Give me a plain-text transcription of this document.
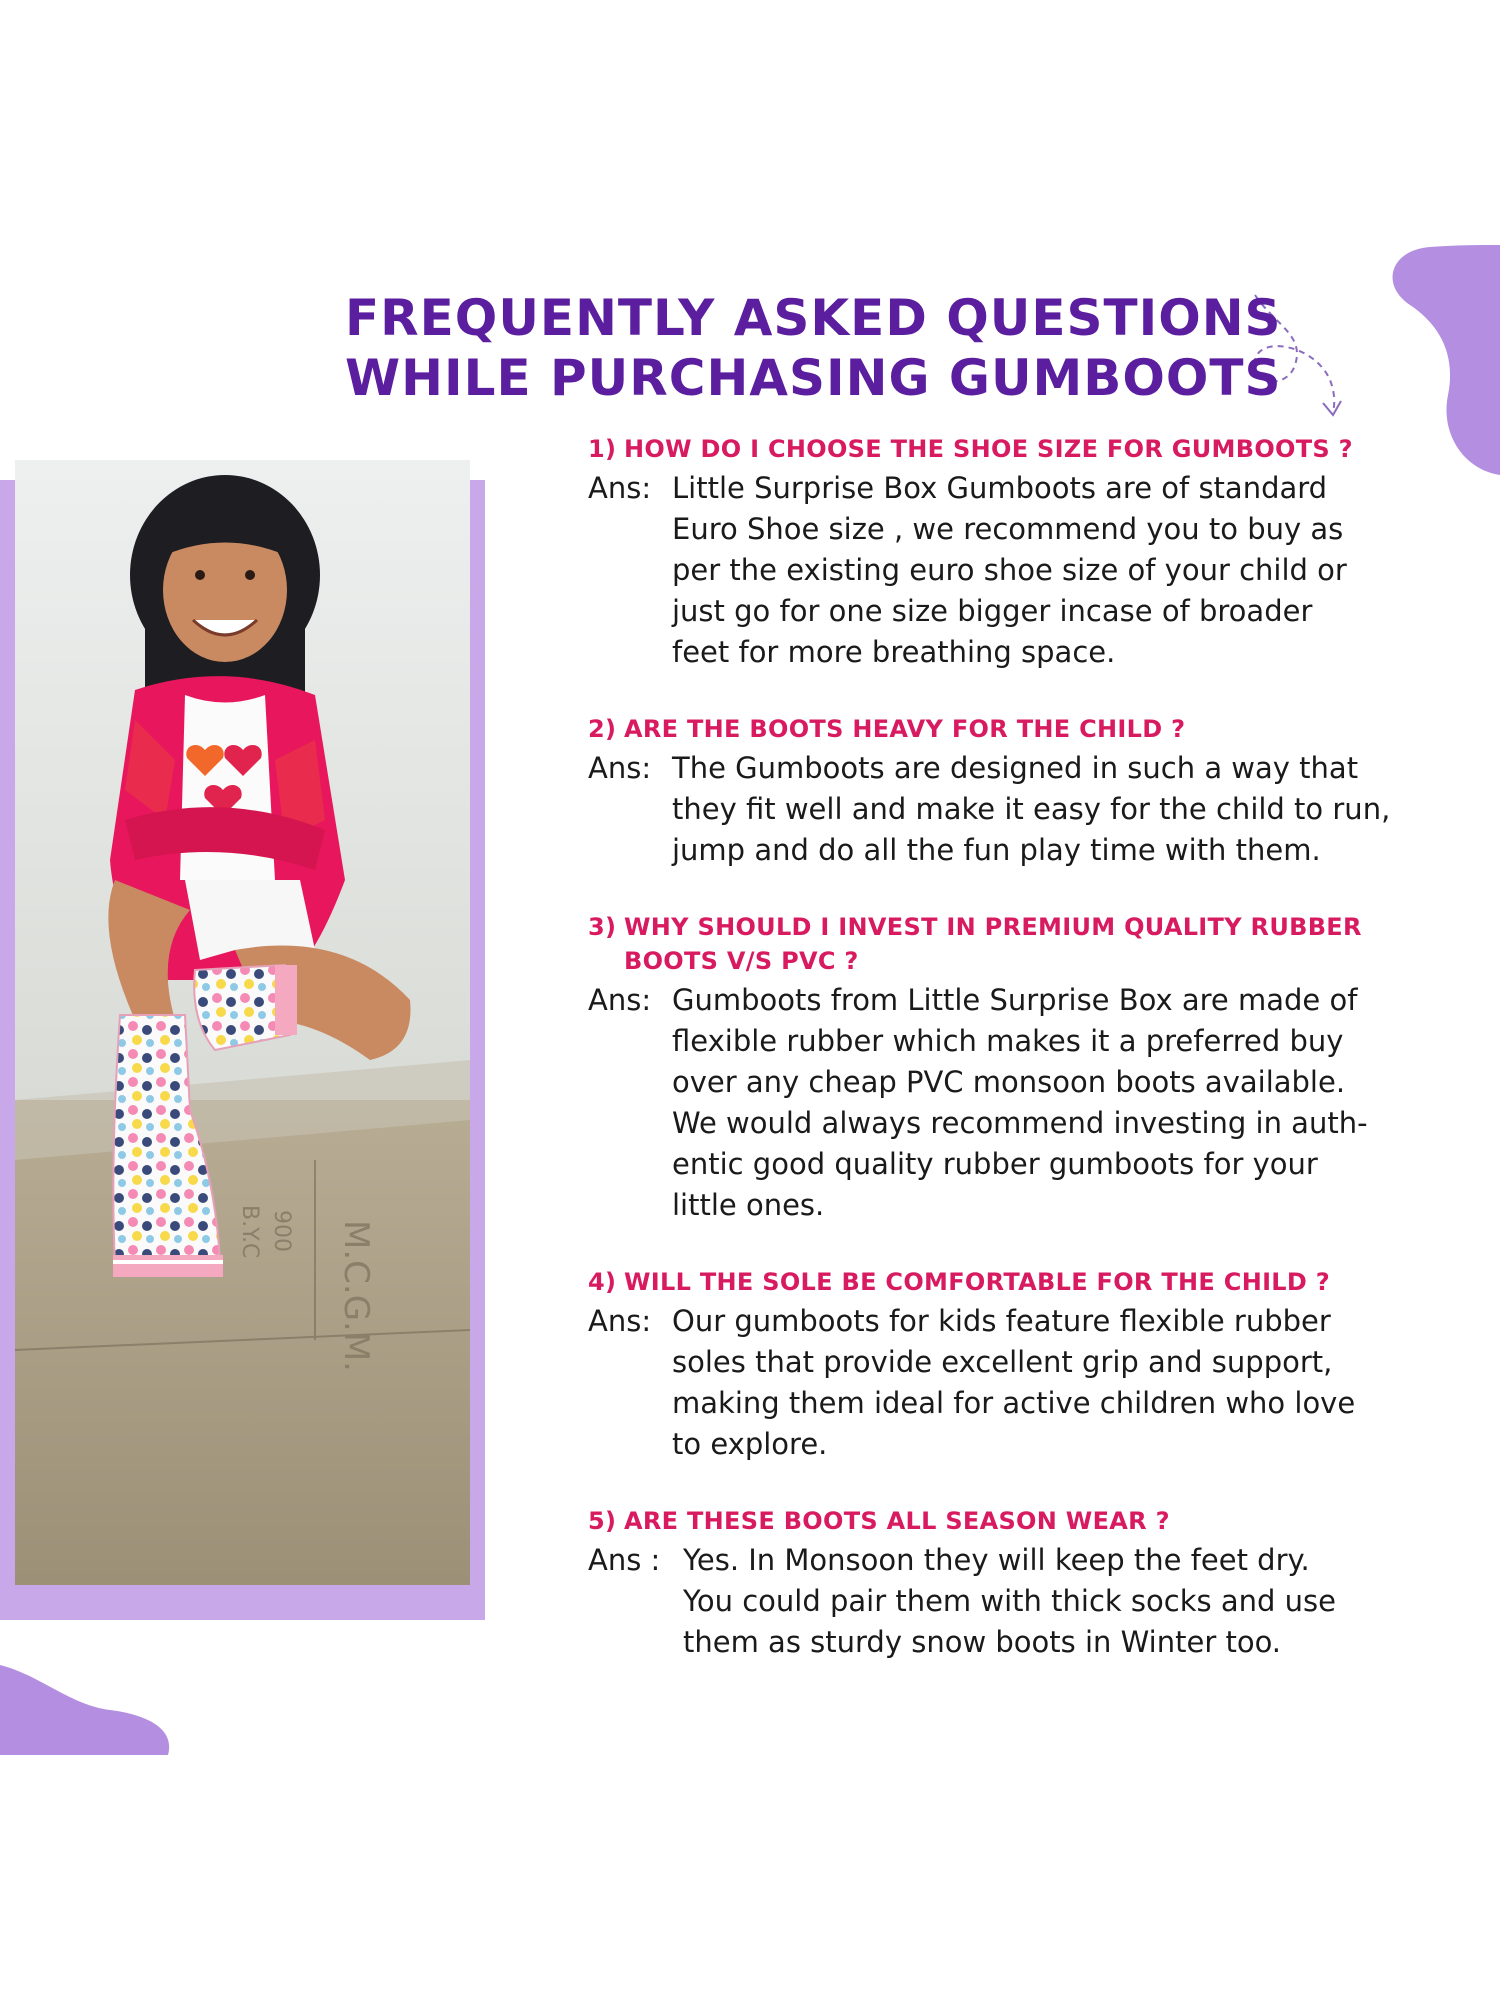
FREQUENTLY ASKED QUESTIONS
WHILE PURCHASING GUMBOOTS
M.C.G.M.
900
B.Y.C

1) HOW DO I CHOOSE THE SHOE SIZE FOR GUMBOOTS ?

Ans: Little Surprise Box Gumboots are of standard
Euro Shoe size , we recommend you to buy as
per the existing euro shoe size of your child or
just go for one size bigger incase of broader
feet for more breathing space.

2) ARE THE BOOTS HEAVY FOR THE CHILD ?

Ans: The Gumboots are designed in such a way that
they fit well and make it easy for the child to run,
jump and do all the fun play time with them.

3) WHY SHOULD I INVEST IN PREMIUM QUALITY RUBBER
BOOTS V/S PVC ?

Ans: Gumboots from Little Surprise Box are made of
flexible rubber which makes it a preferred buy
over any cheap PVC monsoon boots available.
We would always recommend investing in auth-
entic good quality rubber gumboots for your
little ones.

4) WILL THE SOLE BE COMFORTABLE FOR THE CHILD ?

Ans: Our gumboots for kids feature flexible rubber
soles that provide excellent grip and support,
making them ideal for active children who love
to explore.

5) ARE THESE BOOTS ALL SEASON WEAR ?

Ans : Yes. In Monsoon they will keep the feet dry.
You could pair them with thick socks and use
them as sturdy snow boots in Winter too.
